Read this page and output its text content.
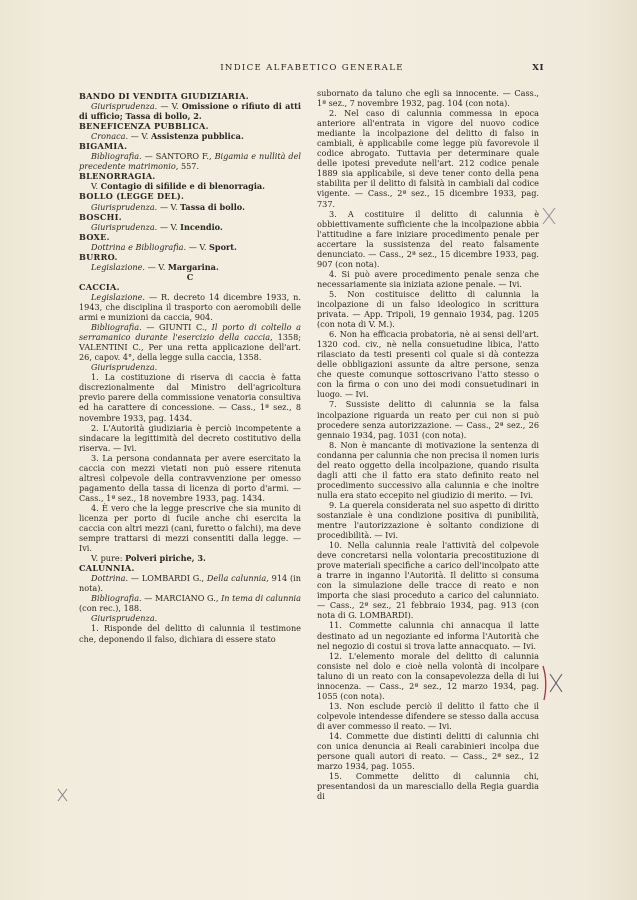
INDICE ALFABETICO GENERALE	XI

BANDO DI VENDITA GIUDIZIARIA.

Giurisprudenza. — V. Omissione o rifiuto di atti di ufficio; Tassa di bollo, 2.

BENEFICENZA PUBBLICA.

Cronaca. — V. Assistenza pubblica.

BIGAMIA.

Bibliografia. — SANTORO F., Bigamia e nullità del precedente matrimonio, 557.

BLENORRAGIA.

V. Contagio di sifilide e di blenorragia.

BOLLO (LEGGE DEL).

Giurisprudenza. — V. Tassa di bollo.

BOSCHI.

Giurisprudenza. — V. Incendio.

BOXE.

Dottrina e Bibliografia. — V. Sport.

BURRO.

Legislazione. — V. Margarina.

C

CACCIA.

Legislazione. — R. decreto 14 dicembre 1933, n. 1943, che disciplina il trasporto con aeromobili delle armi e munizioni da caccia, 904.

Bibliografia. — GIUNTI C., Il porto di coltello a serramanico durante l'esercizio della caccia, 1358; VALENTINI C., Per una retta applicazione dell'art. 26, capov. 4°, della legge sulla caccia, 1358.

Giurisprudenza.

1. La costituzione di riserva di caccia è fatta discrezionalmente dal Ministro dell'agricoltura previo parere della commissione venatoria consultiva ed ha carattere di concessione. — Cass., 1ª sez., 8 novembre 1933, pag. 1434.

2. L'Autorità giudiziaria è perciò incompetente a sindacare la legittimità del decreto costitutivo della riserva. — Ivi.

3. La persona condannata per avere esercitato la caccia con mezzi vietati non può essere ritenuta altresì colpevole della contravvenzione per omesso pagamento della tassa di licenza di porto d'armi. — Cass., 1ª sez., 18 novembre 1933, pag. 1434.

4. È vero che la legge prescrive che sia munito di licenza per porto di fucile anche chi esercita la caccia con altri mezzi (cani, furetto o falchi), ma deve sempre trattarsi di mezzi consentiti dalla legge. — Ivi.

V. pure: Polveri piriche, 3.

CALUNNIA.

Dottrina. — LOMBARDI G., Della calunnia, 914 (in nota).

Bibliografia. — MARCIANO G., In tema di calunnia (con rec.), 188.

Giurisprudenza.

1. Risponde del delitto di calunnia il testimone che, deponendo il falso, dichiara di essere stato

subornato da taluno che egli sa innocente. — Cass., 1ª sez., 7 novembre 1932, pag. 104 (con nota).

2. Nel caso di calunnia commessa in epoca anteriore all'entrata in vigore del nuovo codice mediante la incolpazione del delitto di falso in cambiali, è applicabile come legge più favorevole il codice abrogato. Tuttavia per determinare quale delle ipotesi prevedute nell'art. 212 codice penale 1889 sia applicabile, si deve tener conto della pena stabilita per il delitto di falsità in cambiali dal codice vigente. — Cass., 2ª sez., 15 dicembre 1933, pag. 737.

3. A costituire il delitto di calunnia è obbiettivamente sufficiente che la incolpazione abbia l'attitudine a fare iniziare procedimento penale per accertare la sussistenza del reato falsamente denunciato. — Cass., 2ª sez., 15 dicembre 1933, pag. 907 (con nota).

4. Si può avere procedimento penale senza che necessariamente sia iniziata azione penale. — Ivi.

5. Non costituisce delitto di calunnia la incolpazione di un falso ideologico in scrittura privata. — App. Tripoli, 19 gennaio 1934, pag. 1205 (con nota di V. M.).

6. Non ha efficacia probatoria, nè ai sensi dell'art. 1320 cod. civ., nè nella consuetudine libica, l'atto rilasciato da testi presenti col quale si dà contezza delle obbligazioni assunte da altre persone, senza che queste comunque sottoscrivano l'atto stesso o con la firma o con uno dei modi consuetudinari in luogo. — Ivi.

7. Sussiste delitto di calunnia se la falsa incolpazione riguarda un reato per cui non si può procedere senza autorizzazione. — Cass., 2ª sez., 26 gennaio 1934, pag. 1031 (con nota).

8. Non è mancante di motivazione la sentenza di condanna per calunnia che non precisa il nomen iuris del reato oggetto della incolpazione, quando risulta dagli atti che il fatto era stato definito reato nel procedimento successivo alla calunnia e che inoltre nulla era stato eccepito nel giudizio di merito. — Ivi.

9. La querela considerata nel suo aspetto di diritto sostanziale è una condizione positiva di punibilità, mentre l'autorizzazione è soltanto condizione di procedibilità. — Ivi.

10. Nella calunnia reale l'attività del colpevole deve concretarsi nella volontaria precostituzione di prove materiali specifiche a carico dell'incolpato atte a trarre in inganno l'Autorità. Il delitto si consuma con la simulazione delle tracce di reato e non importa che siasi proceduto a carico del calunniato. — Cass., 2ª sez., 21 febbraio 1934, pag. 913 (con nota di G. LOMBARDI).

11. Commette calunnia chi annacqua il latte destinato ad un negoziante ed informa l'Autorità che nel negozio di costui si trova latte annacquato. — Ivi.

12. L'elemento morale del delitto di calunnia consiste nel dolo e cioè nella volontà di incolpare taluno di un reato con la consapevolezza della di lui innocenza. — Cass., 2ª sez., 12 marzo 1934, pag. 1055 (con nota).

13. Non esclude perciò il delitto il fatto che il colpevole intendesse difendere se stesso dalla accusa di aver commesso il reato. — Ivi.

14. Commette due distinti delitti di calunnia chi con unica denuncia ai Reali carabinieri incolpa due persone quali autori di reato. — Cass., 2ª sez., 12 marzo 1934, pag. 1055.

15. Commette delitto di calunnia chi, presentandosi da un maresciallo della Regia guardia di
